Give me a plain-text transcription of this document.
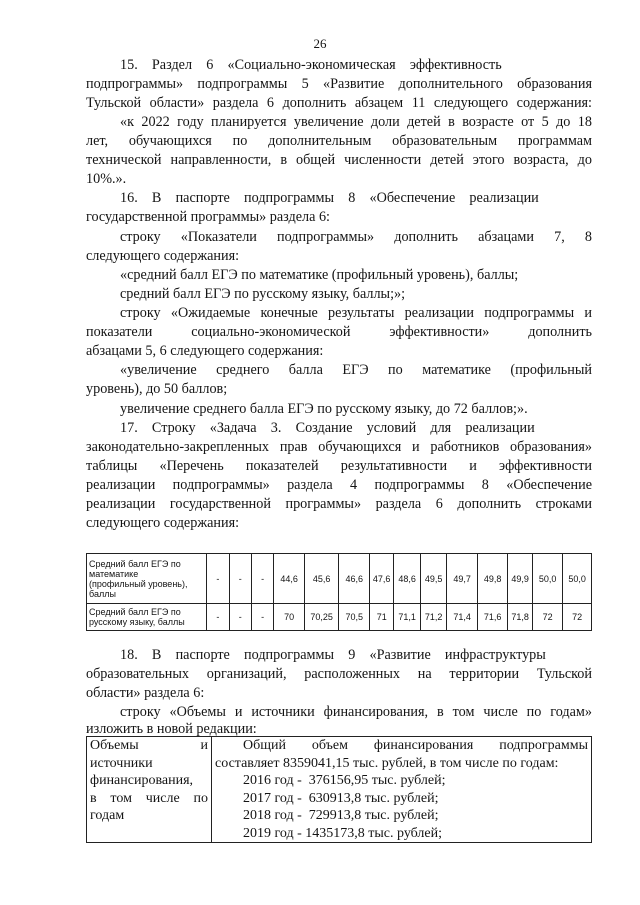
26
15. Раздел 6 «Социально-экономическая эффективность
подпрограммы» подпрограммы 5 «Развитие дополнительного образования
Тульской области» раздела 6 дополнить абзацем 11 следующего содержания:
«к 2022 году планируется увеличение доли детей в возрасте от 5 до 18
лет, обучающихся по дополнительным образовательным программам
технической направленности, в общей численности детей этого возраста, до
10%.».
16. В паспорте подпрограммы 8 «Обеспечение реализации
государственной программы» раздела 6:
строку «Показатели подпрограммы» дополнить абзацами 7, 8
следующего содержания:
«средний балл ЕГЭ по математике (профильный уровень), баллы;
средний балл ЕГЭ по русскому языку, баллы;»;
строку «Ожидаемые конечные результаты реализации подпрограммы и
показатели социально-экономической эффективности» дополнить
абзацами 5, 6 следующего содержания:
«увеличение среднего балла ЕГЭ по математике (профильный
уровень), до 50 баллов;
увеличение среднего балла ЕГЭ по русскому языку, до 72 баллов;».
17. Строку «Задача 3. Создание условий для реализации
законодательно-закрепленных прав обучающихся и работников образования»
таблицы «Перечень показателей результативности и эффективности
реализации подпрограммы» раздела 4 подпрограммы 8 «Обеспечение
реализации государственной программы» раздела 6 дополнить строками
следующего содержания:
Средний балл ЕГЭ по
математике
(профильный уровень),
баллы	-	-	-	44,6	45,6	46,6	47,6	48,6	49,5	49,7	49,8	49,9	50,0	50,0

Средний балл ЕГЭ по
русскому языку, баллы	-	-	-	70	70,25	70,5	71	71,1	71,2	71,4	71,6	71,8	72	72
18. В паспорте подпрограммы 9 «Развитие инфраструктуры
образовательных организаций, расположенных на территории Тульской
области» раздела 6:
строку «Объемы и источники финансирования, в том числе по годам»
изложить в новой редакции:
Объемы и
источники
финансирования,
в том числе по
годам

Общий объем финансирования подпрограммы
составляет 8359041,15 тыс. рублей, в том числе по годам:
2016 год -  376156,95 тыс. рублей;
2017 год -  630913,8 тыс. рублей;
2018 год -  729913,8 тыс. рублей;
2019 год - 1435173,8 тыс. рублей;
